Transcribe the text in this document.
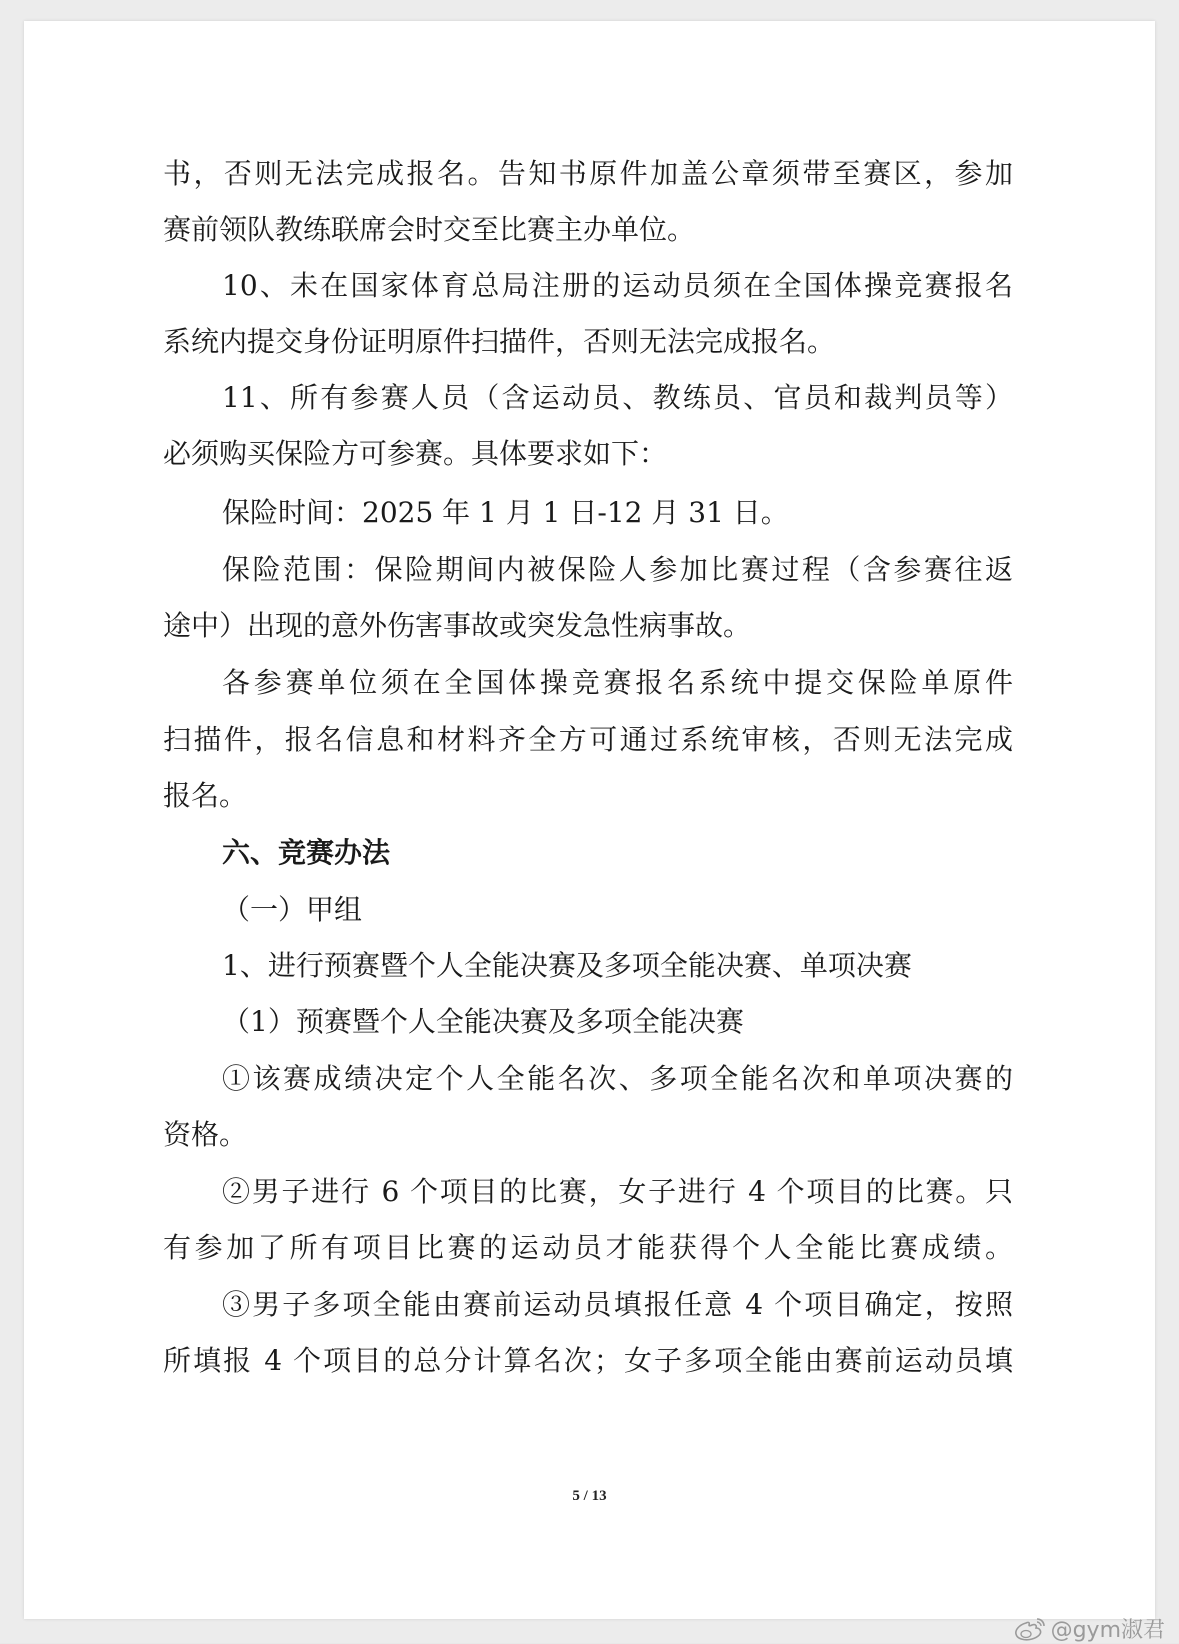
书，否则无法完成报名。告知书原件加盖公章须带至赛区，参加
赛前领队教练联席会时交至比赛主办单位。
10、未在国家体育总局注册的运动员须在全国体操竞赛报名
系统内提交身份证明原件扫描件，否则无法完成报名。
11、所有参赛人员（含运动员、教练员、官员和裁判员等）
必须购买保险方可参赛。具体要求如下：
保险时间：2025 年 1 月 1 日-12 月 31 日。
保险范围：保险期间内被保险人参加比赛过程（含参赛往返
途中）出现的意外伤害事故或突发急性病事故。
各参赛单位须在全国体操竞赛报名系统中提交保险单原件
扫描件，报名信息和材料齐全方可通过系统审核，否则无法完成
报名。
六、竞赛办法
（一）甲组
1、进行预赛暨个人全能决赛及多项全能决赛、单项决赛
（1）预赛暨个人全能决赛及多项全能决赛
①该赛成绩决定个人全能名次、多项全能名次和单项决赛的
资格。
②男子进行 6 个项目的比赛，女子进行 4 个项目的比赛。只
有参加了所有项目比赛的运动员才能获得个人全能比赛成绩。
③男子多项全能由赛前运动员填报任意 4 个项目确定，按照
所填报 4 个项目的总分计算名次；女子多项全能由赛前运动员填
5 / 13
@gym淑君
